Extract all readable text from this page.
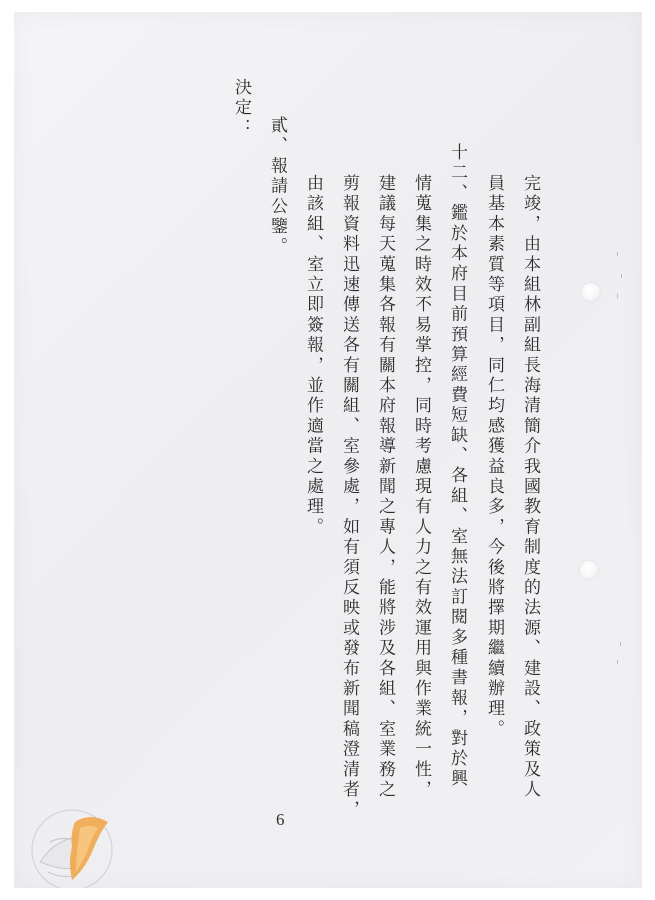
完竣，由本組林副組長海清簡介我國教育制度的法源、建設、政策及人
員基本素質等項目，同仁均感獲益良多，今後將擇期繼續辦理。
十二、鑑於本府目前預算經費短缺、各組、室無法訂閱多種書報，對於興
情蒐集之時效不易掌控，同時考慮現有人力之有效運用與作業統一性，
建議每天蒐集各報有關本府報導新聞之專人，能將涉及各組、室業務之
剪報資料迅速傳送各有關組、室參處，如有須反映或發布新聞稿澄清者，
由該組、室立即簽報，並作適當之處理。
貳、報請公鑒。
決定：
6
